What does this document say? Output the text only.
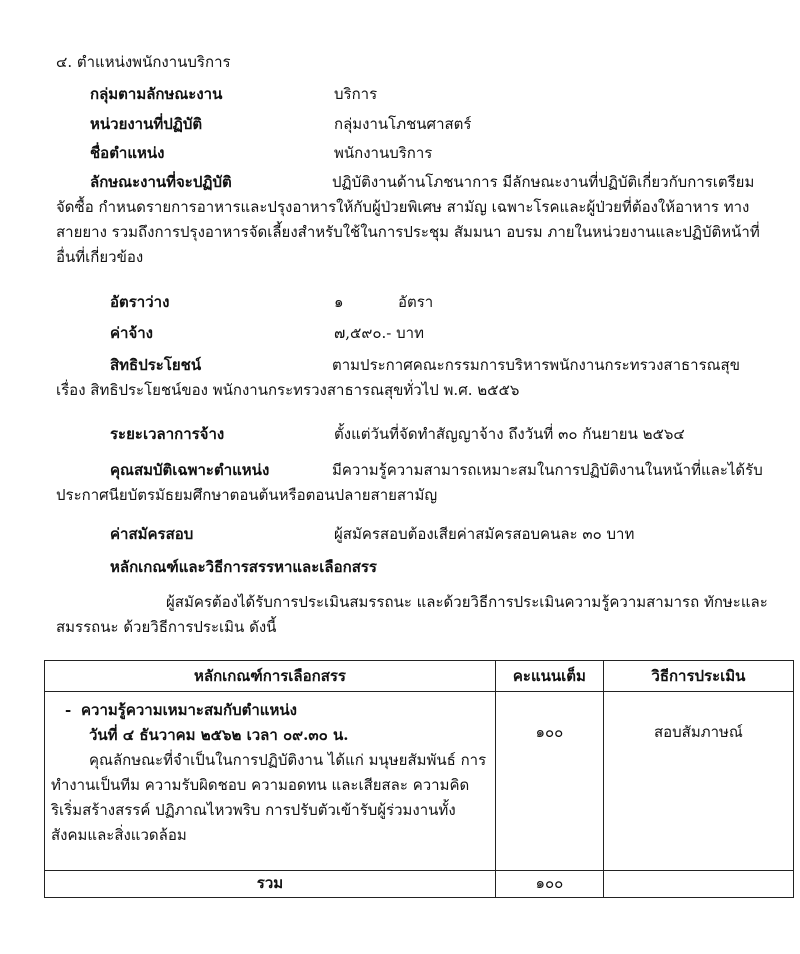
๔. ตำแหน่งพนักงานบริการ
กลุ่มตามลักษณะงาน	บริการ
หน่วยงานที่ปฏิบัติ	กลุ่มงานโภชนศาสตร์
ชื่อตำแหน่ง	พนักงานบริการ
ลักษณะงานที่จะปฏิบัติ	ปฏิบัติงานด้านโภชนาการ มีลักษณะงานที่ปฏิบัติเกี่ยวกับการเตรียม จัดซื้อ กำหนดรายการอาหารและปรุงอาหารให้กับผู้ป่วยพิเศษ สามัญ เฉพาะโรคและผู้ป่วยที่ต้องให้อาหาร ทางสายยาง รวมถึงการปรุงอาหารจัดเลี้ยงสำหรับใช้ในการประชุม สัมมนา อบรม ภายในหน่วยงานและปฏิบัติหน้าที่อื่นที่เกี่ยวข้อง
อัตราว่าง	๑	อัตรา
ค่าจ้าง	๗,๕๙๐.- บาท
สิทธิประโยชน์	ตามประกาศคณะกรรมการบริหารพนักงานกระทรวงสาธารณสุข เรื่อง สิทธิประโยชน์ของ พนักงานกระทรวงสาธารณสุขทั่วไป พ.ศ. ๒๕๕๖
ระยะเวลาการจ้าง	ตั้งแต่วันที่จัดทำสัญญาจ้าง ถึงวันที่ ๓๐ กันยายน ๒๕๖๔
คุณสมบัติเฉพาะตำแหน่ง	มีความรู้ความสามารถเหมาะสมในการปฏิบัติงานในหน้าที่และได้รับประกาศนียบัตรมัธยมศึกษาตอนต้นหรือตอนปลายสายสามัญ
ค่าสมัครสอบ	ผู้สมัครสอบต้องเสียค่าสมัครสอบคนละ ๓๐ บาท
หลักเกณฑ์และวิธีการสรรหาและเลือกสรร
ผู้สมัครต้องได้รับการประเมินสมรรถนะ และด้วยวิธีการประเมินความรู้ความสามารถ ทักษะและสมรรถนะ ด้วยวิธีการประเมิน ดังนี้
หลักเกณฑ์การเลือกสรร	คะแนนเต็ม	วิธีการประเมิน

- ความรู้ความเหมาะสมกับตำแหน่ง
วันที่ ๔ ธันวาคม ๒๕๖๒ เวลา ๐๙.๓๐ น.
คุณลักษณะที่จำเป็นในการปฏิบัติงาน ได้แก่ มนุษยสัมพันธ์ การทำงานเป็นทีม ความรับผิดชอบ ความอดทน และเสียสละ ความคิดริเริ่มสร้างสรรค์ ปฏิภาณไหวพริบ การปรับตัวเข้ารับผู้ร่วมงานทั้งสังคมและสิ่งแวดล้อม	๑๐๐	สอบสัมภาษณ์
รวม	๑๐๐	
